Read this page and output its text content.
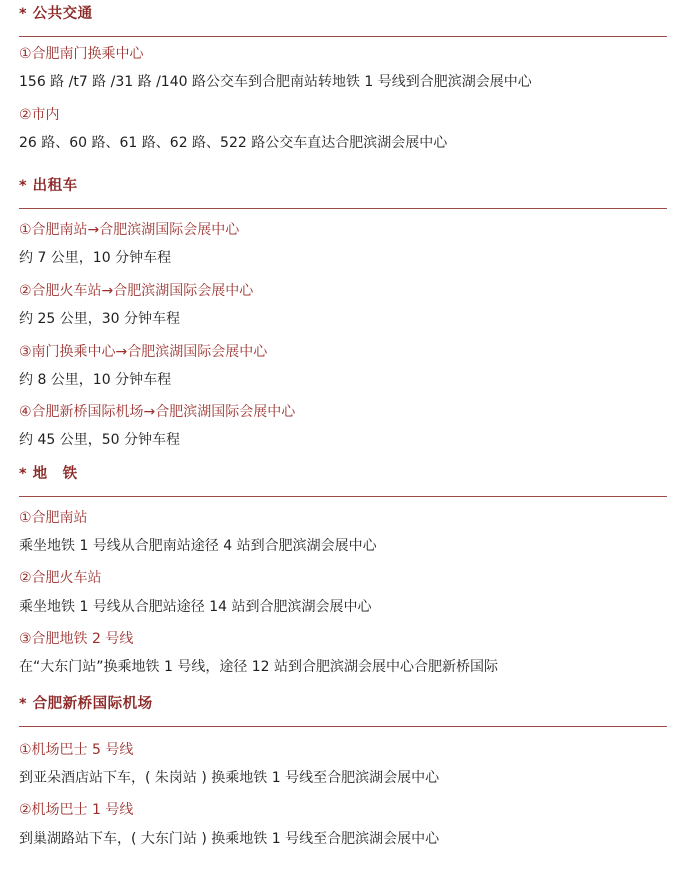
* 公共交通
①合肥南门换乘中心
156 路 /t7 路 /31 路 /140 路公交车到合肥南站转地铁 1 号线到合肥滨湖会展中心
②市内
26 路、60 路、61 路、62 路、522 路公交车直达合肥滨湖会展中心
* 出租车
①合肥南站→合肥滨湖国际会展中心
约 7 公里，10 分钟车程
②合肥火车站→合肥滨湖国际会展中心
约 25 公里，30 分钟车程
③南门换乘中心→合肥滨湖国际会展中心
约 8 公里，10 分钟车程
④合肥新桥国际机场→合肥滨湖国际会展中心
约 45 公里，50 分钟车程
* 地　铁
①合肥南站
乘坐地铁 1 号线从合肥南站途径 4 站到合肥滨湖会展中心
②合肥火车站
乘坐地铁 1 号线从合肥站途径 14 站到合肥滨湖会展中心
③合肥地铁 2 号线
在“大东门站”换乘地铁 1 号线，途径 12 站到合肥滨湖会展中心合肥新桥国际
* 合肥新桥国际机场
①机场巴士 5 号线
到亚朵酒店站下车，( 朱岗站 ) 换乘地铁 1 号线至合肥滨湖会展中心
②机场巴士 1 号线
到巢湖路站下车，( 大东门站 ) 换乘地铁 1 号线至合肥滨湖会展中心
